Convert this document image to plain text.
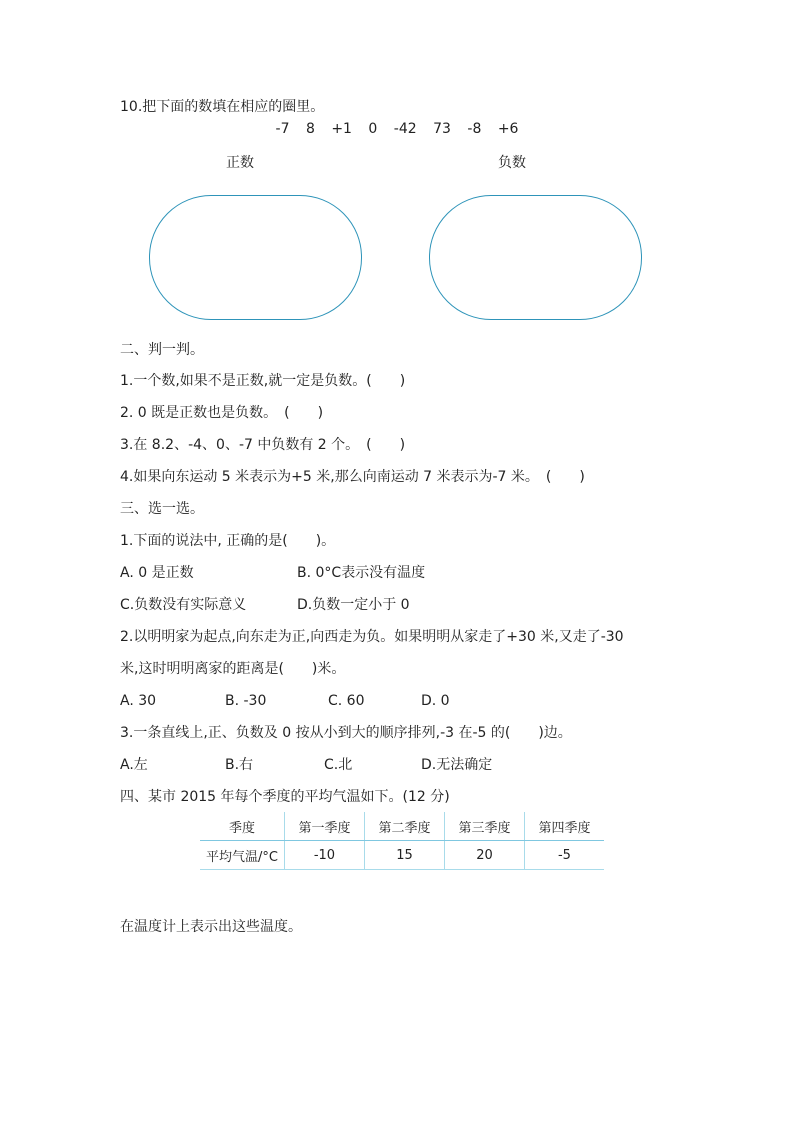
10.把下面的数填在相应的圈里。
-7 8 +1 0 -42 73 -8 +6
正数	负数
二、判一判。
1.一个数,如果不是正数,就一定是负数。(　　)
2. 0 既是正数也是负数。　(　　)
3.在 8.2、-4、0、-7 中负数有 2 个。　(　　)
4.如果向东运动 5 米表示为+5 米,那么向南运动 7 米表示为-7 米。　(　　)
三、选一选。
1.下面的说法中, 正确的是(　　)。
A. 0 是正数	B. 0°C表示没有温度
C.负数没有实际意义	D.负数一定小于 0
2.以明明家为起点,向东走为正,向西走为负。如果明明从家走了+30 米,又走了-30
米,这时明明离家的距离是(　　)米。
A. 30	B. -30	C. 60	D. 0
3.一条直线上,正、负数及 0 按从小到大的顺序排列,-3 在-5 的(　　)边。
A.左	B.右	C.北	D.无法确定
四、某市 2015 年每个季度的平均气温如下。(12 分)
季度	第一季度	第二季度	第三季度	第四季度
平均气温/°C	-10	15	20	-5
在温度计上表示出这些温度。
